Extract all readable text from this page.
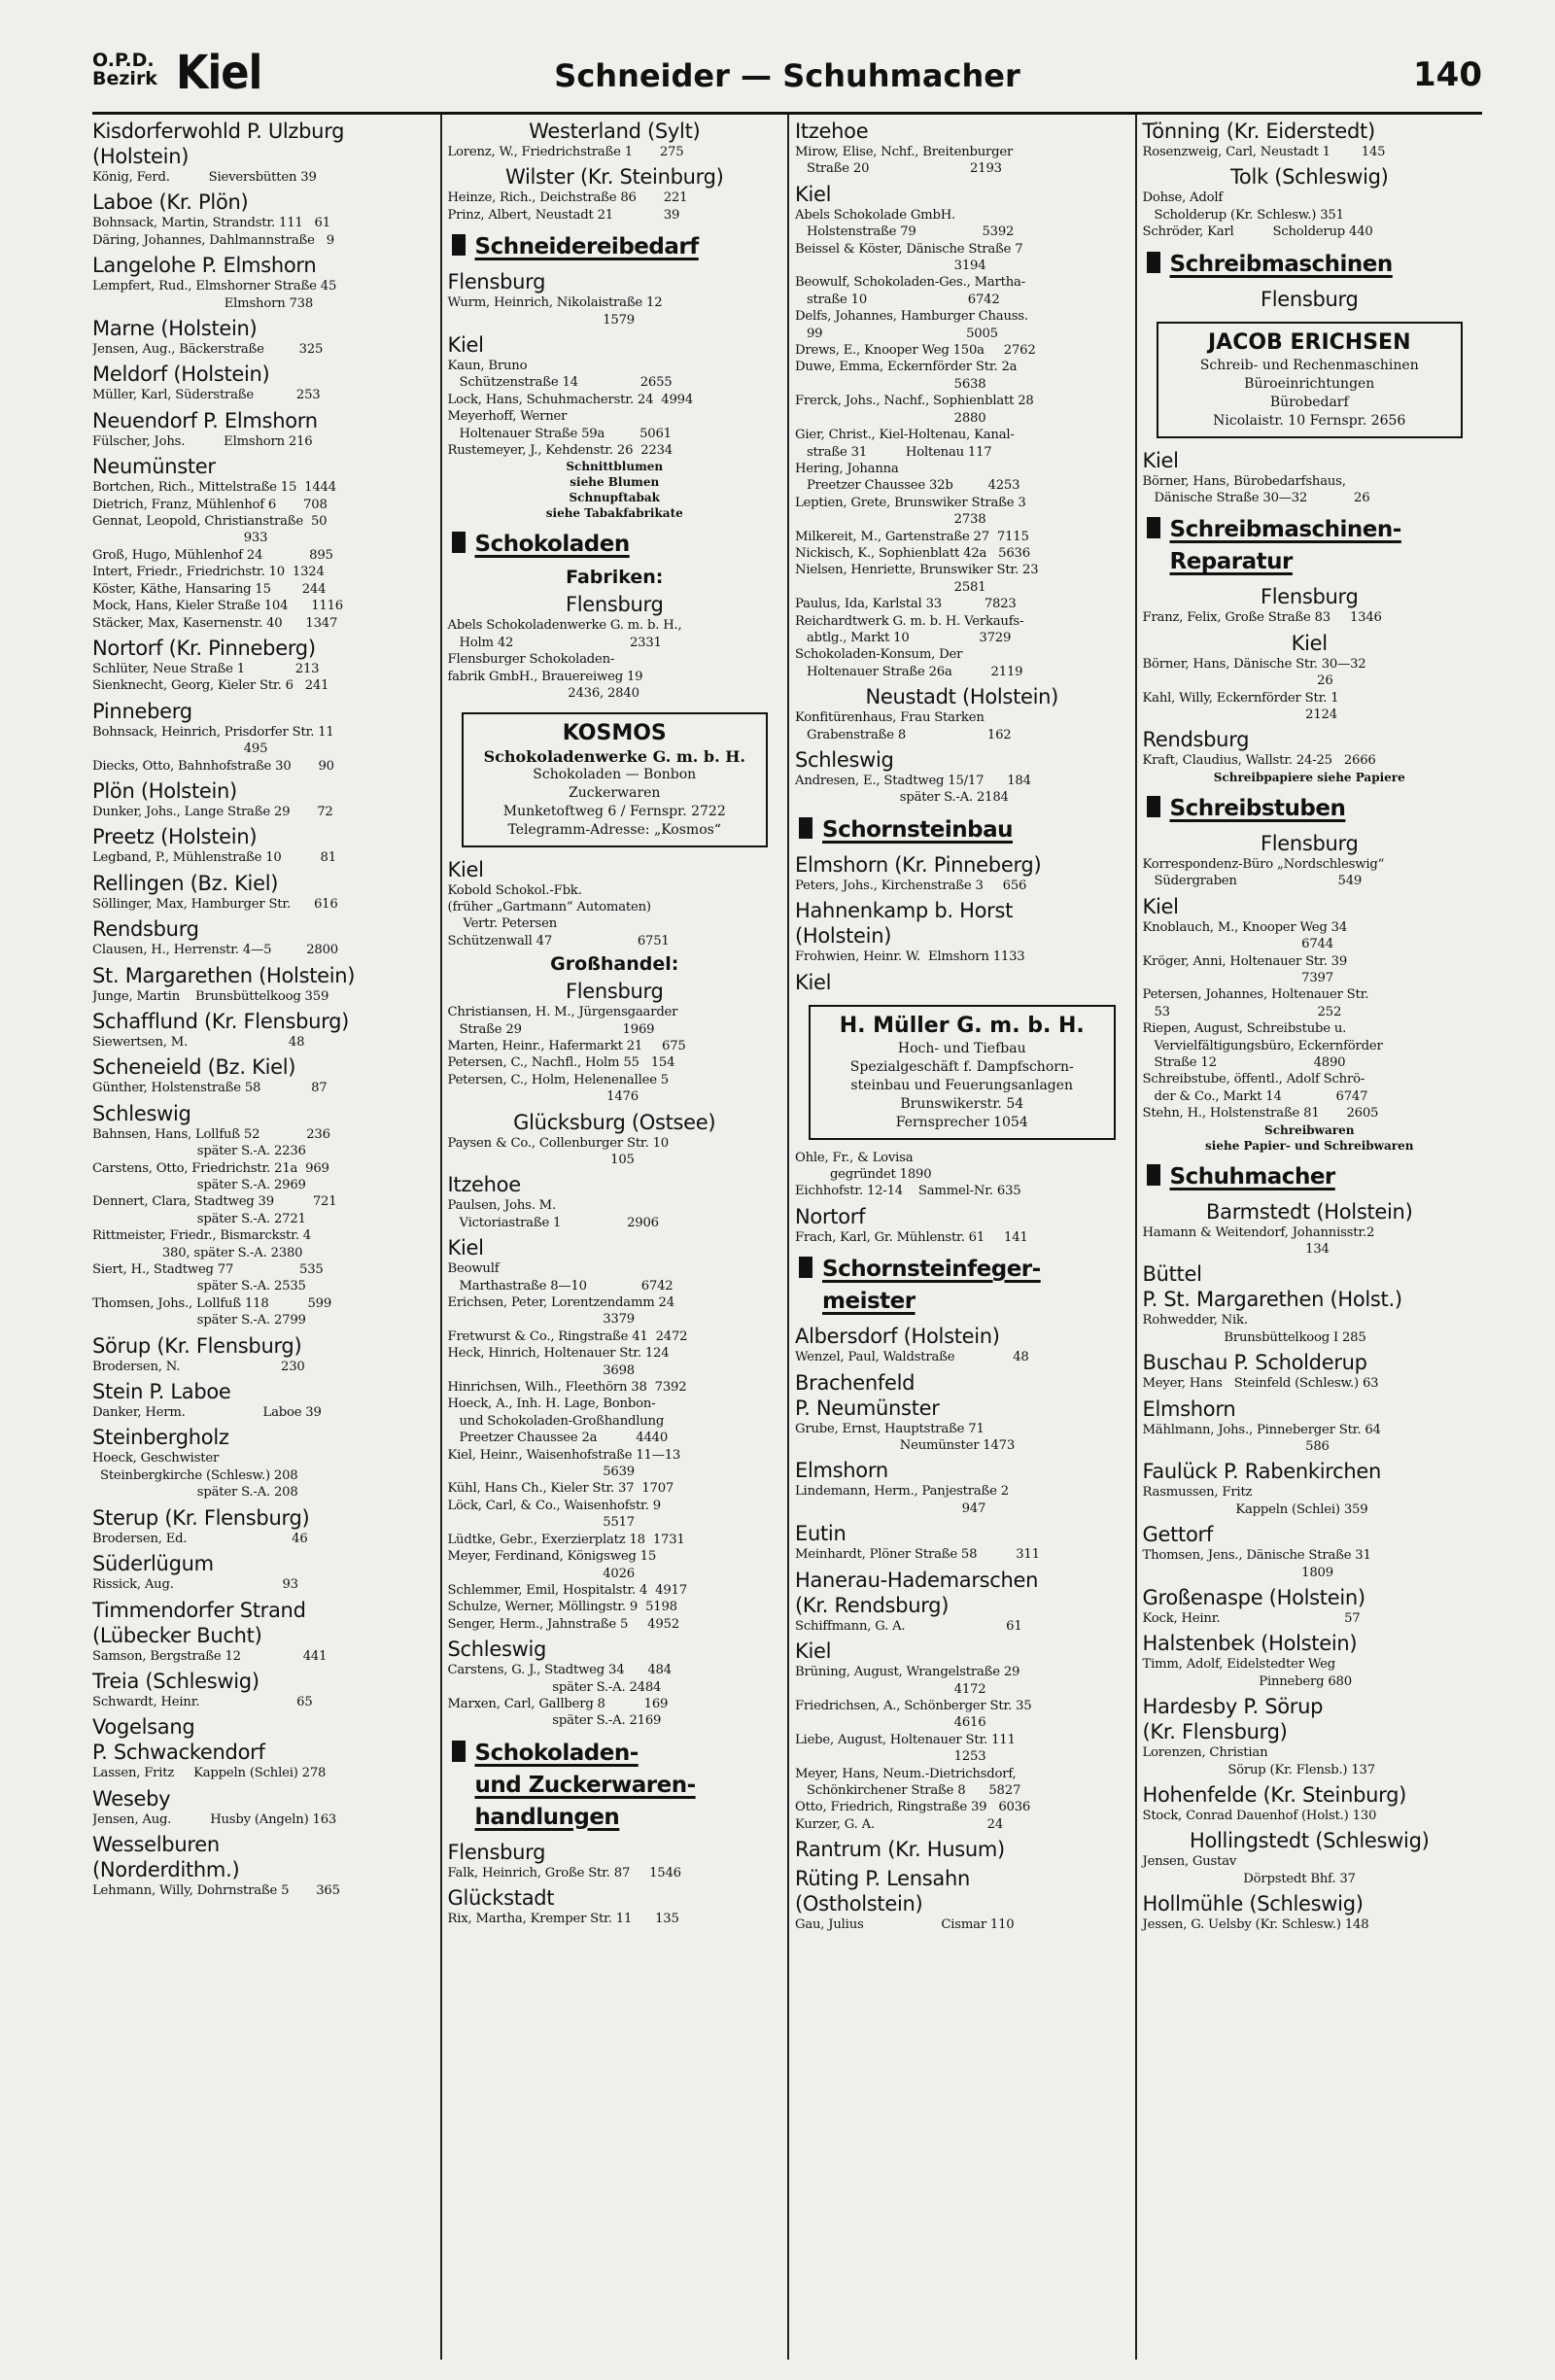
O.P.D.
Bezirk Kiel	Schneider — Schuhmacher	140
Kisdorferwohld P. Ulzburg
(Holstein)
König, Ferd.          Sieversbütten 39
Laboe (Kr. Plön)
Bohnsack, Martin, Strandstr. 111   61
Däring, Johannes, Dahlmannstraße   9
Langelohe P. Elmshorn
Lempfert, Rud., Elmshorner Straße 45
Elmshorn 738
Marne (Holstein)
Jensen, Aug., Bäckerstraße         325
Meldorf (Holstein)
Müller, Karl, Süderstraße           253
Neuendorf P. Elmshorn
Fülscher, Johs.          Elmshorn 216
Neumünster
Bortchen, Rich., Mittelstraße 15  1444
Dietrich, Franz, Mühlenhof 6       708
Gennat, Leopold, Christianstraße  50
933
Groß, Hugo, Mühlenhof 24            895
Intert, Friedr., Friedrichstr. 10  1324
Köster, Käthe, Hansaring 15        244
Mock, Hans, Kieler Straße 104      1116
Stäcker, Max, Kasernenstr. 40      1347
Nortorf (Kr. Pinneberg)
Schlüter, Neue Straße 1             213
Sienknecht, Georg, Kieler Str. 6   241
Pinneberg
Bohnsack, Heinrich, Prisdorfer Str. 11
495
Diecks, Otto, Bahnhofstraße 30       90
Plön (Holstein)
Dunker, Johs., Lange Straße 29       72
Preetz (Holstein)
Legband, P., Mühlenstraße 10          81
Rellingen (Bz. Kiel)
Söllinger, Max, Hamburger Str.      616
Rendsburg
Clausen, H., Herrenstr. 4—5         2800
St. Margarethen (Holstein)
Junge, Martin    Brunsbüttelkoog 359
Schafflund (Kr. Flensburg)
Siewertsen, M.                          48
Scheneield (Bz. Kiel)
Günther, Holstenstraße 58             87
Schleswig
Bahnsen, Hans, Lollfuß 52            236
später S.-A. 2236
Carstens, Otto, Friedrichstr. 21a  969
später S.-A. 2969
Dennert, Clara, Stadtweg 39          721
später S.-A. 2721
Rittmeister, Friedr., Bismarckstr. 4
380, später S.-A. 2380
Siert, H., Stadtweg 77                 535
später S.-A. 2535
Thomsen, Johs., Lollfuß 118          599
später S.-A. 2799
Sörup (Kr. Flensburg)
Brodersen, N.                          230
Stein P. Laboe
Danker, Herm.                    Laboe 39
Steinbergholz
Hoeck, Geschwister
Steinbergkirche (Schlesw.) 208
später S.-A. 208
Sterup (Kr. Flensburg)
Brodersen, Ed.                           46
Süderlügum
Rissick, Aug.                            93
Timmendorfer Strand
(Lübecker Bucht)
Samson, Bergstraße 12                441
Treia (Schleswig)
Schwardt, Heinr.                         65
Vogelsang
P. Schwackendorf
Lassen, Fritz     Kappeln (Schlei) 278
Weseby
Jensen, Aug.          Husby (Angeln) 163
Wesselburen
(Norderdithm.)
Lehmann, Willy, Dohrnstraße 5       365
Westerland (Sylt)
Lorenz, W., Friedrichstraße 1       275
Wilster (Kr. Steinburg)
Heinze, Rich., Deichstraße 86       221
Prinz, Albert, Neustadt 21             39
Schneidereibedarf
Flensburg
Wurm, Heinrich, Nikolaistraße 12
1579
Kiel
Kaun, Bruno
Schützenstraße 14                2655
Lock, Hans, Schuhmacherstr. 24  4994
Meyerhoff, Werner
Holtenauer Straße 59a         5061
Rustemeyer, J., Kehdenstr. 26  2234
Schnittblumen
siehe Blumen
Schnupftabak
siehe Tabakfabrikate
Schokoladen
Fabriken:
Flensburg
Abels Schokoladenwerke G. m. b. H.,
Holm 42                              2331
Flensburger Schokoladen-
fabrik GmbH., Brauereiweg 19
2436, 2840
KOSMOS
Schokoladenwerke G. m. b. H.
Schokoladen — Bonbon
Zuckerwaren
Munketoftweg 6 / Fernspr. 2722
Telegramm-Adresse: „Kosmos“
Kiel
Kobold Schokol.-Fbk.
(früher „Gartmann“ Automaten)
Vertr. Petersen
Schützenwall 47                      6751
Großhandel:
Flensburg
Christiansen, H. M., Jürgensgaarder
Straße 29                          1969
Marten, Heinr., Hafermarkt 21     675
Petersen, C., Nachfl., Holm 55   154
Petersen, C., Holm, Helenenallee 5
1476
Glücksburg (Ostsee)
Paysen & Co., Collenburger Str. 10
105
Itzehoe
Paulsen, Johs. M.
Victoriastraße 1                 2906
Kiel
Beowulf
Marthastraße 8—10              6742
Erichsen, Peter, Lorentzendamm 24
3379
Fretwurst & Co., Ringstraße 41  2472
Heck, Hinrich, Holtenauer Str. 124
3698
Hinrichsen, Wilh., Fleethörn 38  7392
Hoeck, A., Inh. H. Lage, Bonbon-
und Schokoladen-Großhandlung
Preetzer Chaussee 2a          4440
Kiel, Heinr., Waisenhofstraße 11—13
5639
Kühl, Hans Ch., Kieler Str. 37  1707
Löck, Carl, & Co., Waisenhofstr. 9
5517
Lüdtke, Gebr., Exerzierplatz 18  1731
Meyer, Ferdinand, Königsweg 15
4026
Schlemmer, Emil, Hospitalstr. 4  4917
Schulze, Werner, Möllingstr. 9  5198
Senger, Herm., Jahnstraße 5     4952
Schleswig
Carstens, G. J., Stadtweg 34      484
später S.-A. 2484
Marxen, Carl, Gallberg 8          169
später S.-A. 2169
Schokoladen-
und Zuckerwaren-
handlungen
Flensburg
Falk, Heinrich, Große Str. 87     1546
Glückstadt
Rix, Martha, Kremper Str. 11      135
Itzehoe
Mirow, Elise, Nchf., Breitenburger
Straße 20                          2193
Kiel
Abels Schokolade GmbH.
Holstenstraße 79                 5392
Beissel & Köster, Dänische Straße 7
3194
Beowulf, Schokoladen-Ges., Martha-
straße 10                          6742
Delfs, Johannes, Hamburger Chauss.
99                                     5005
Drews, E., Knooper Weg 150a     2762
Duwe, Emma, Eckernförder Str. 2a
5638
Frerck, Johs., Nachf., Sophienblatt 28
2880
Gier, Christ., Kiel-Holtenau, Kanal-
straße 31          Holtenau 117
Hering, Johanna
Preetzer Chaussee 32b         4253
Leptien, Grete, Brunswiker Straße 3
2738
Milkereit, M., Gartenstraße 27  7115
Nickisch, K., Sophienblatt 42a   5636
Nielsen, Henriette, Brunswiker Str. 23
2581
Paulus, Ida, Karlstal 33           7823
Reichardtwerk G. m. b. H. Verkaufs-
abtlg., Markt 10                  3729
Schokoladen-Konsum, Der
Holtenauer Straße 26a          2119
Neustadt (Holstein)
Konfitürenhaus, Frau Starken
Grabenstraße 8                     162
Schleswig
Andresen, E., Stadtweg 15/17      184
später S.-A. 2184
Schornsteinbau
Elmshorn (Kr. Pinneberg)
Peters, Johs., Kirchenstraße 3     656
Hahnenkamp b. Horst
(Holstein)
Frohwien, Heinr. W.  Elmshorn 1133
Kiel
H. Müller G. m. b. H.
Hoch- und Tiefbau
Spezialgeschäft f. Dampfschorn-
steinbau und Feuerungsanlagen
Brunswikerstr. 54
Fernsprecher 1054
Ohle, Fr., & Lovisa
gegründet 1890
Eichhofstr. 12-14    Sammel-Nr. 635
Nortorf
Frach, Karl, Gr. Mühlenstr. 61     141
Schornsteinfeger-
meister
Albersdorf (Holstein)
Wenzel, Paul, Waldstraße               48
Brachenfeld
P. Neumünster
Grube, Ernst, Hauptstraße 71
Neumünster 1473
Elmshorn
Lindemann, Herm., Panjestraße 2
947
Eutin
Meinhardt, Plöner Straße 58          311
Hanerau-Hademarschen
(Kr. Rendsburg)
Schiffmann, G. A.                          61
Kiel
Brüning, August, Wrangelstraße 29
4172
Friedrichsen, A., Schönberger Str. 35
4616
Liebe, August, Holtenauer Str. 111
1253
Meyer, Hans, Neum.-Dietrichsdorf,
Schönkirchener Straße 8      5827
Otto, Friedrich, Ringstraße 39   6036
Kurzer, G. A.                             24
Rantrum (Kr. Husum)
Rüting P. Lensahn
(Ostholstein)
Gau, Julius                    Cismar 110
Tönning (Kr. Eiderstedt)
Rosenzweig, Carl, Neustadt 1        145
Tolk (Schleswig)
Dohse, Adolf
Scholderup (Kr. Schlesw.) 351
Schröder, Karl          Scholderup 440
Schreibmaschinen
Flensburg
JACOB ERICHSEN
Schreib- und Rechenmaschinen
Büroeinrichtungen
Bürobedarf
Nicolaistr. 10 Fernspr. 2656
Kiel
Börner, Hans, Bürobedarfshaus,
Dänische Straße 30—32            26
Schreibmaschinen-
Reparatur
Flensburg
Franz, Felix, Große Straße 83     1346
Kiel
Börner, Hans, Dänische Str. 30—32
26
Kahl, Willy, Eckernförder Str. 1
2124
Rendsburg
Kraft, Claudius, Wallstr. 24-25   2666
Schreibpapiere siehe Papiere
Schreibstuben
Flensburg
Korrespondenz-Büro „Nordschleswig“
Südergraben                          549
Kiel
Knoblauch, M., Knooper Weg 34
6744
Kröger, Anni, Holtenauer Str. 39
7397
Petersen, Johannes, Holtenauer Str.
53                                      252
Riepen, August, Schreibstube u.
Vervielfältigungsbüro, Eckernförder
Straße 12                         4890
Schreibstube, öffentl., Adolf Schrö-
der & Co., Markt 14              6747
Stehn, H., Holstenstraße 81       2605
Schreibwaren
siehe Papier- und Schreibwaren
Schuhmacher
Barmstedt (Holstein)
Hamann & Weitendorf, Johannisstr.2
134
Büttel
P. St. Margarethen (Holst.)
Rohwedder, Nik.
Brunsbüttelkoog I 285
Buschau P. Scholderup
Meyer, Hans   Steinfeld (Schlesw.) 63
Elmshorn
Mählmann, Johs., Pinneberger Str. 64
586
Faulück P. Rabenkirchen
Rasmussen, Fritz
Kappeln (Schlei) 359
Gettorf
Thomsen, Jens., Dänische Straße 31
1809
Großenaspe (Holstein)
Kock, Heinr.                                57
Halstenbek (Holstein)
Timm, Adolf, Eidelstedter Weg
Pinneberg 680
Hardesby P. Sörup
(Kr. Flensburg)
Lorenzen, Christian
Sörup (Kr. Flensb.) 137
Hohenfelde (Kr. Steinburg)
Stock, Conrad Dauenhof (Holst.) 130
Hollingstedt (Schleswig)
Jensen, Gustav
Dörpstedt Bhf. 37
Hollmühle (Schleswig)
Jessen, G. Uelsby (Kr. Schlesw.) 148
